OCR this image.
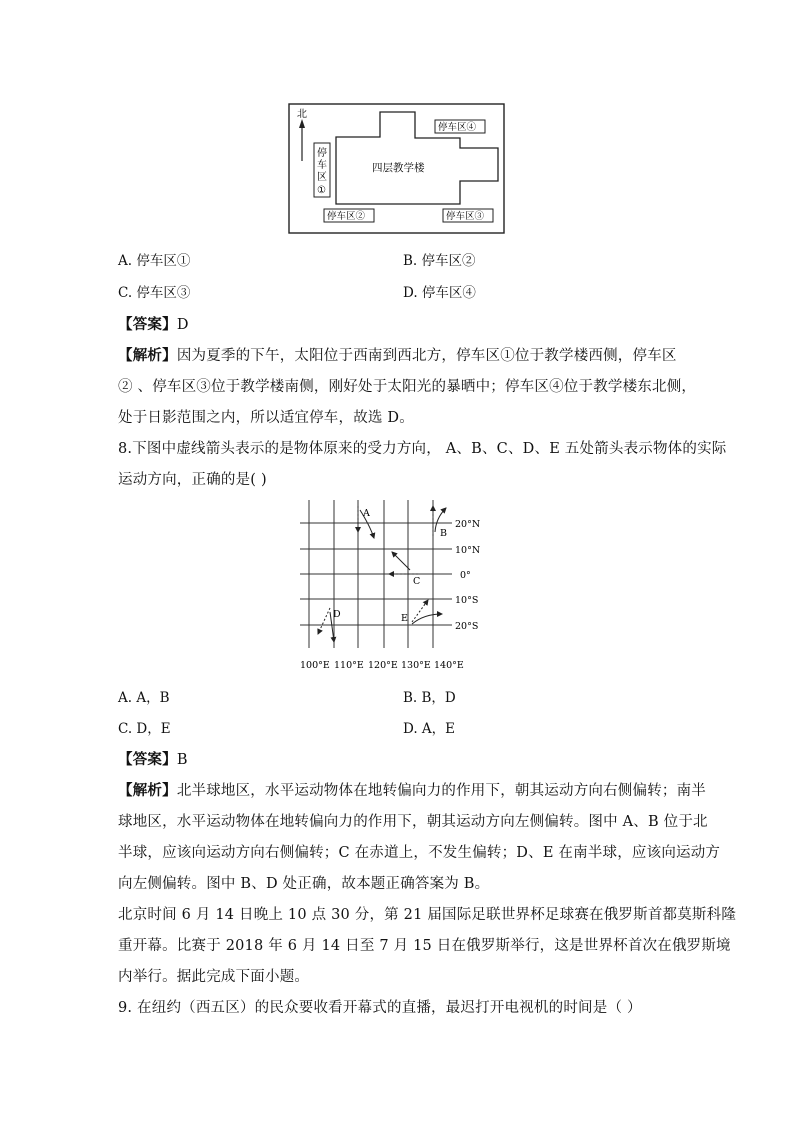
北
四层教学楼
停
车
区
①
停车区②	停车区③
停车区④
A. 停车区①	B. 停车区②
C. 停车区③	D. 停车区④
【答案】D
【解析】因为夏季的下午，太阳位于西南到西北方，停车区①位于教学楼西侧，停车区
② 、停车区③位于教学楼南侧，刚好处于太阳光的暴晒中；停车区④位于教学楼东北侧，
处于日影范围之内，所以适宜停车，故选 D。
8.下图中虚线箭头表示的是物体原来的受力方向， A、B、C、D、E 五处箭头表示物体的实际
运动方向，正确的是( )
20°N
10°N
0°
10°S
20°S
100°E 110°E 120°E 130°E 140°E
A
B
C
D	E
A. A，B	B. B，D
C. D，E	D. A，E
【答案】B
【解析】北半球地区，水平运动物体在地转偏向力的作用下，朝其运动方向右侧偏转；南半
球地区，水平运动物体在地转偏向力的作用下，朝其运动方向左侧偏转。图中 A、B 位于北
半球，应该向运动方向右侧偏转；C 在赤道上，不发生偏转；D、E 在南半球，应该向运动方
向左侧偏转。图中 B、D 处正确，故本题正确答案为 B。
北京时间 6 月 14 日晚上 10 点 30 分，第 21 届国际足联世界杯足球赛在俄罗斯首都莫斯科隆
重开幕。比赛于 2018 年 6 月 14 日至 7 月 15 日在俄罗斯举行，这是世界杯首次在俄罗斯境
内举行。据此完成下面小题。
9. 在纽约（西五区）的民众要收看开幕式的直播，最迟打开电视机的时间是（ ）
